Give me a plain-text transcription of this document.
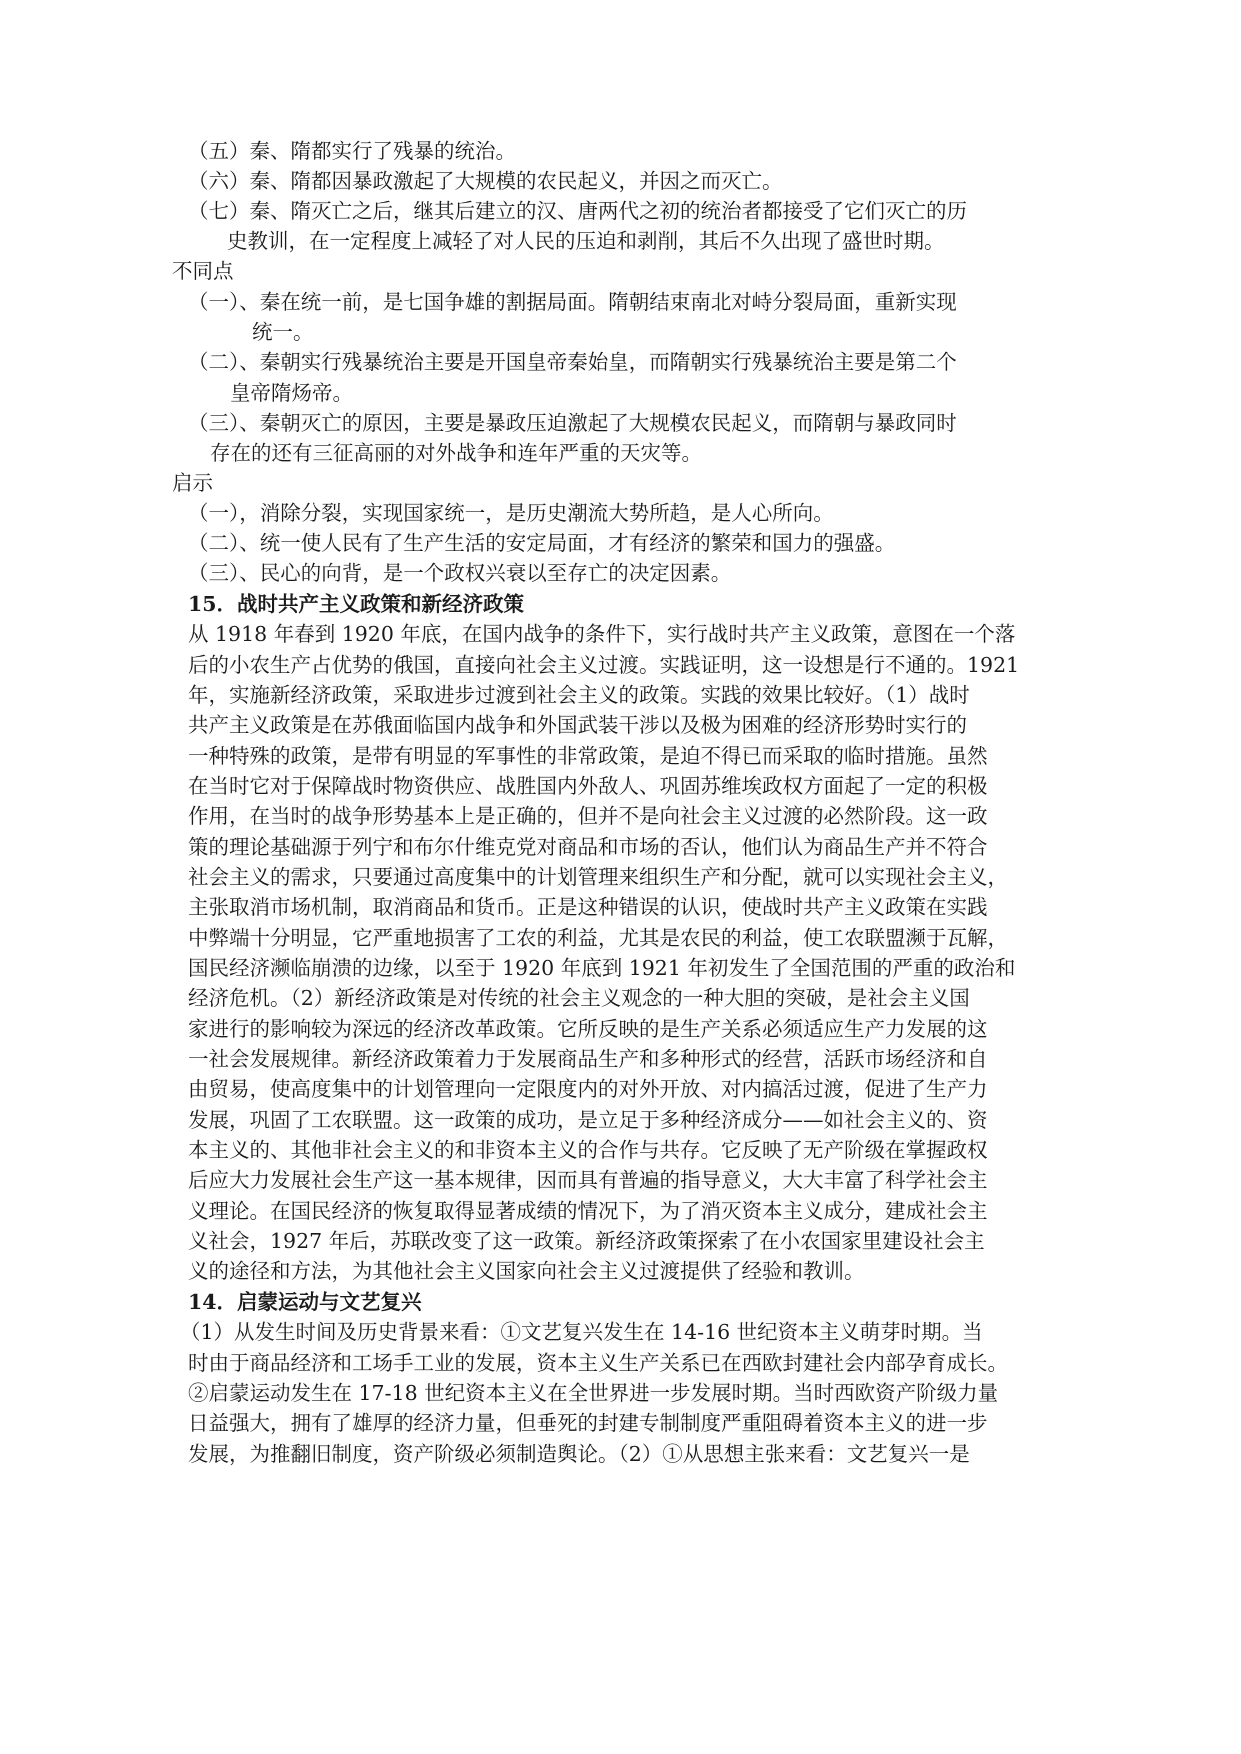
（五）秦、隋都实行了残暴的统治。
（六）秦、隋都因暴政激起了大规模的农民起义，并因之而灭亡。
（七）秦、隋灭亡之后，继其后建立的汉、唐两代之初的统治者都接受了它们灭亡的历
史教训，在一定程度上减轻了对人民的压迫和剥削，其后不久出现了盛世时期。
不同点
（一）、秦在统一前，是七国争雄的割据局面。隋朝结束南北对峙分裂局面，重新实现
统一。
（二）、秦朝实行残暴统治主要是开国皇帝秦始皇，而隋朝实行残暴统治主要是第二个
皇帝隋炀帝。
（三）、秦朝灭亡的原因，主要是暴政压迫激起了大规模农民起义，而隋朝与暴政同时
存在的还有三征高丽的对外战争和连年严重的天灾等。
启示
（一），消除分裂，实现国家统一，是历史潮流大势所趋，是人心所向。
（二）、统一使人民有了生产生活的安定局面，才有经济的繁荣和国力的强盛。
（三）、民心的向背，是一个政权兴衰以至存亡的决定因素。
15．战时共产主义政策和新经济政策
从 1918 年春到 1920 年底，在国内战争的条件下，实行战时共产主义政策，意图在一个落
后的小农生产占优势的俄国，直接向社会主义过渡。实践证明，这一设想是行不通的。1921
年，实施新经济政策，采取进步过渡到社会主义的政策。实践的效果比较好。（1）战时
共产主义政策是在苏俄面临国内战争和外国武装干涉以及极为困难的经济形势时实行的
一种特殊的政策，是带有明显的军事性的非常政策，是迫不得已而采取的临时措施。虽然
在当时它对于保障战时物资供应、战胜国内外敌人、巩固苏维埃政权方面起了一定的积极
作用，在当时的战争形势基本上是正确的，但并不是向社会主义过渡的必然阶段。这一政
策的理论基础源于列宁和布尔什维克党对商品和市场的否认，他们认为商品生产并不符合
社会主义的需求，只要通过高度集中的计划管理来组织生产和分配，就可以实现社会主义，
主张取消市场机制，取消商品和货币。正是这种错误的认识，使战时共产主义政策在实践
中弊端十分明显，它严重地损害了工农的利益，尤其是农民的利益，使工农联盟濒于瓦解，
国民经济濒临崩溃的边缘，以至于 1920 年底到 1921 年初发生了全国范围的严重的政治和
经济危机。（2）新经济政策是对传统的社会主义观念的一种大胆的突破，是社会主义国
家进行的影响较为深远的经济改革政策。它所反映的是生产关系必须适应生产力发展的这
一社会发展规律。新经济政策着力于发展商品生产和多种形式的经营，活跃市场经济和自
由贸易，使高度集中的计划管理向一定限度内的对外开放、对内搞活过渡，促进了生产力
发展，巩固了工农联盟。这一政策的成功，是立足于多种经济成分——如社会主义的、资
本主义的、其他非社会主义的和非资本主义的合作与共存。它反映了无产阶级在掌握政权
后应大力发展社会生产这一基本规律，因而具有普遍的指导意义，大大丰富了科学社会主
义理论。在国民经济的恢复取得显著成绩的情况下，为了消灭资本主义成分，建成社会主
义社会，1927 年后，苏联改变了这一政策。新经济政策探索了在小农国家里建设社会主
义的途径和方法，为其他社会主义国家向社会主义过渡提供了经验和教训。
14．启蒙运动与文艺复兴
（1）从发生时间及历史背景来看：①文艺复兴发生在 14-16 世纪资本主义萌芽时期。当
时由于商品经济和工场手工业的发展，资本主义生产关系已在西欧封建社会内部孕育成长。
②启蒙运动发生在 17-18 世纪资本主义在全世界进一步发展时期。当时西欧资产阶级力量
日益强大，拥有了雄厚的经济力量，但垂死的封建专制制度严重阻碍着资本主义的进一步
发展，为推翻旧制度，资产阶级必须制造舆论。（2）①从思想主张来看：文艺复兴一是
